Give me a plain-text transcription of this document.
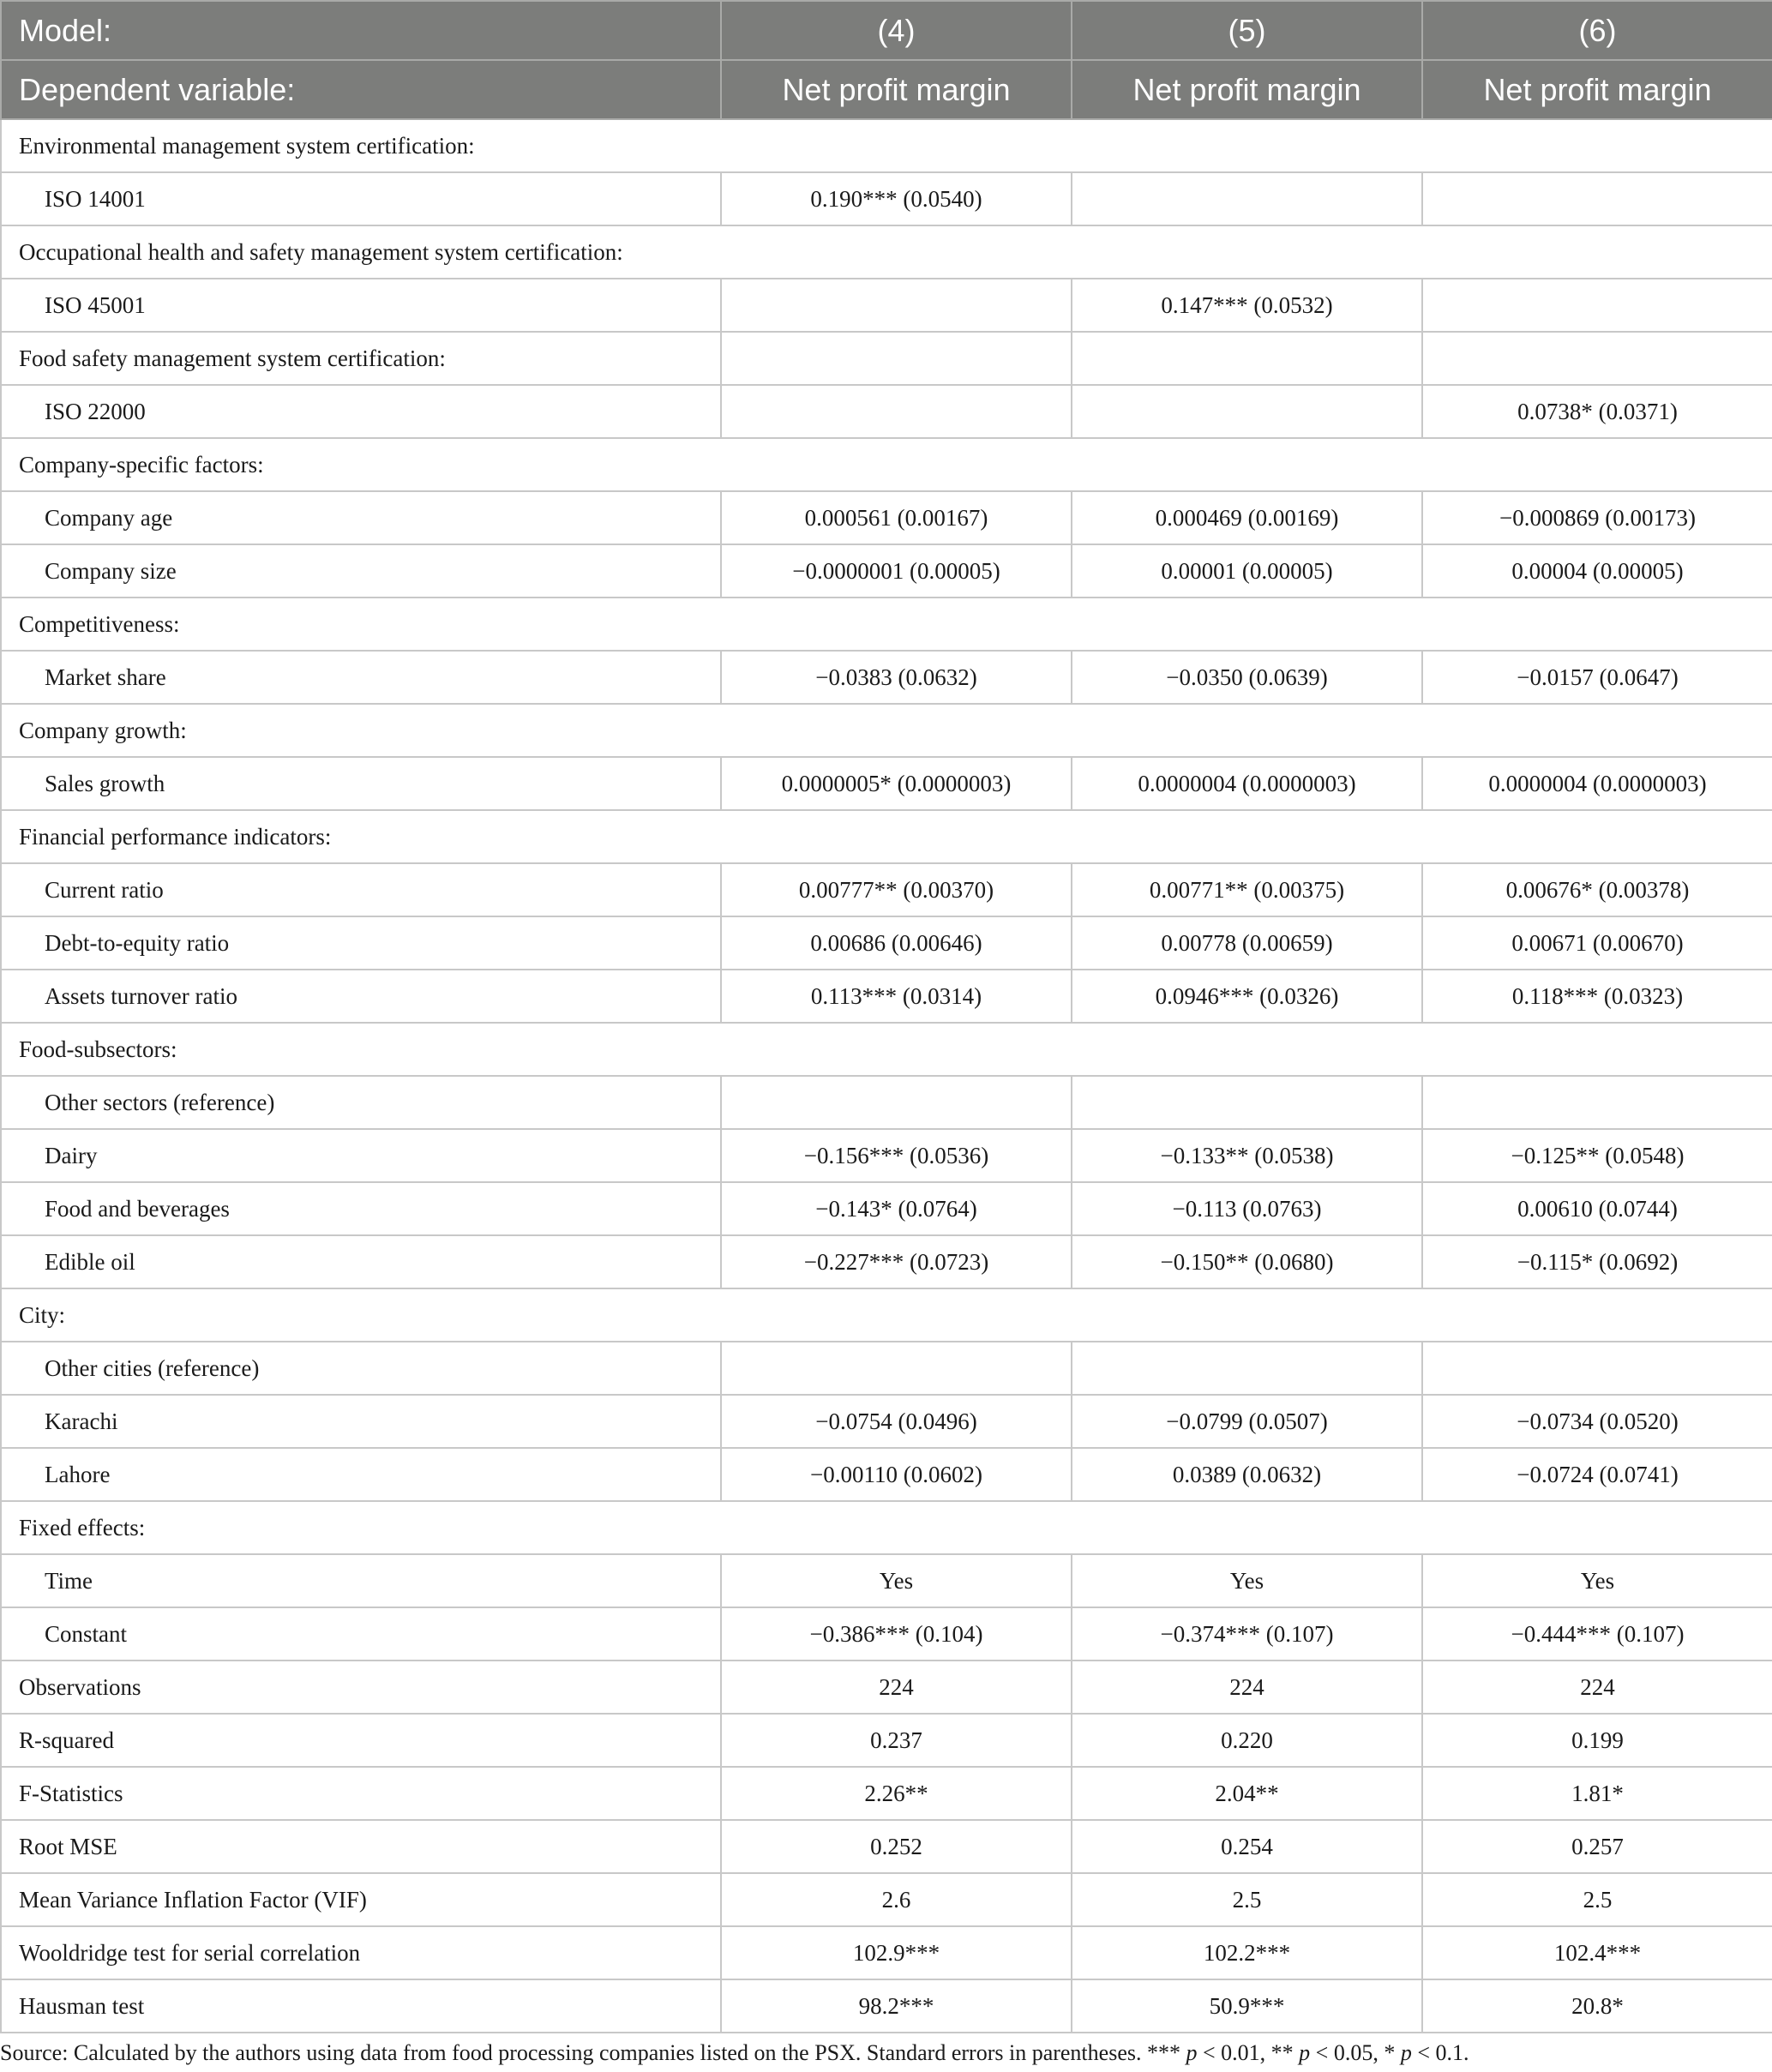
Model:	(4)	(5)	(6)
Dependent variable:	Net profit margin	Net profit margin	Net profit margin
Environmental management system certification:			
ISO 14001	0.190*** (0.0540)		
Occupational health and safety management system certification:			
ISO 45001		0.147*** (0.0532)	
Food safety management system certification:			
ISO 22000			0.0738* (0.0371)
Company-specific factors:			
Company age	0.000561 (0.00167)	0.000469 (0.00169)	−0.000869 (0.00173)
Company size	−0.0000001 (0.00005)	0.00001 (0.00005)	0.00004 (0.00005)
Competitiveness:			
Market share	−0.0383 (0.0632)	−0.0350 (0.0639)	−0.0157 (0.0647)
Company growth:			
Sales growth	0.0000005* (0.0000003)	0.0000004 (0.0000003)	0.0000004 (0.0000003)
Financial performance indicators:			
Current ratio	0.00777** (0.00370)	0.00771** (0.00375)	0.00676* (0.00378)
Debt-to-equity ratio	0.00686 (0.00646)	0.00778 (0.00659)	0.00671 (0.00670)
Assets turnover ratio	0.113*** (0.0314)	0.0946*** (0.0326)	0.118*** (0.0323)
Food-subsectors:			
Other sectors (reference)			
Dairy	−0.156*** (0.0536)	−0.133** (0.0538)	−0.125** (0.0548)
Food and beverages	−0.143* (0.0764)	−0.113 (0.0763)	0.00610 (0.0744)
Edible oil	−0.227*** (0.0723)	−0.150** (0.0680)	−0.115* (0.0692)
City:			
Other cities (reference)			
Karachi	−0.0754 (0.0496)	−0.0799 (0.0507)	−0.0734 (0.0520)
Lahore	−0.00110 (0.0602)	0.0389 (0.0632)	−0.0724 (0.0741)
Fixed effects:			
Time	Yes	Yes	Yes
Constant	−0.386*** (0.104)	−0.374*** (0.107)	−0.444*** (0.107)
Observations	224	224	224
R-squared	0.237	0.220	0.199
F-Statistics	2.26**	2.04**	1.81*
Root MSE	0.252	0.254	0.257
Mean Variance Inflation Factor (VIF)	2.6	2.5	2.5
Wooldridge test for serial correlation	102.9***	102.2***	102.4***
Hausman test	98.2***	50.9***	20.8*
Source: Calculated by the authors using data from food processing companies listed on the PSX. Standard errors in parentheses. *** p < 0.01, ** p < 0.05, * p < 0.1.
